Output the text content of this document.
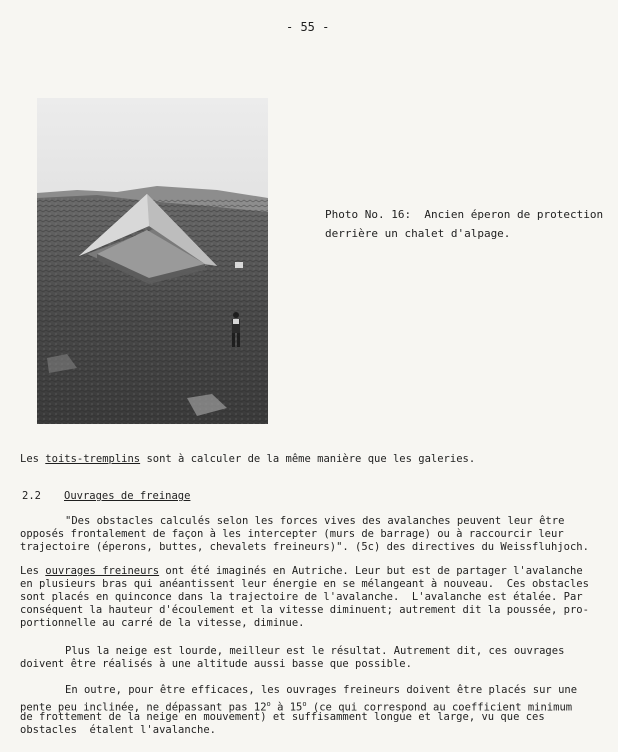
- 55 -
Photo No. 16:  Ancien éperon de protection
derrière un chalet d'alpage.
Les toits-tremplins sont à calculer de la même manière que les galeries.
2.2 Ouvrages de freinage
"Des obstacles calculés selon les forces vives des avalanches peuvent leur être
opposés frontalement de façon à les intercepter (murs de barrage) ou à raccourcir leur
trajectoire (éperons, buttes, chevalets freineurs)". (5c) des directives du Weissfluhjoch.
Les ouvrages freineurs ont été imaginés en Autriche. Leur but est de partager l'avalanche
en plusieurs bras qui anéantissent leur énergie en se mélangeant à nouveau.  Ces obstacles
sont placés en quinconce dans la trajectoire de l'avalanche.  L'avalanche est étalée. Par
conséquent la hauteur d'écoulement et la vitesse diminuent; autrement dit la poussée, pro-
portionnelle au carré de la vitesse, diminue.
Plus la neige est lourde, meilleur est le résultat. Autrement dit, ces ouvrages
doivent être réalisés à une altitude aussi basse que possible.
En outre, pour être efficaces, les ouvrages freineurs doivent être placés sur une
pente peu inclinée, ne dépassant pas 12$^o$ à 15$^o$ (ce qui correspond au coefficient minimum
de frottement de la neige en mouvement) et suffisamment longue et large, vu que ces
obstacles  étalent l'avalanche.
